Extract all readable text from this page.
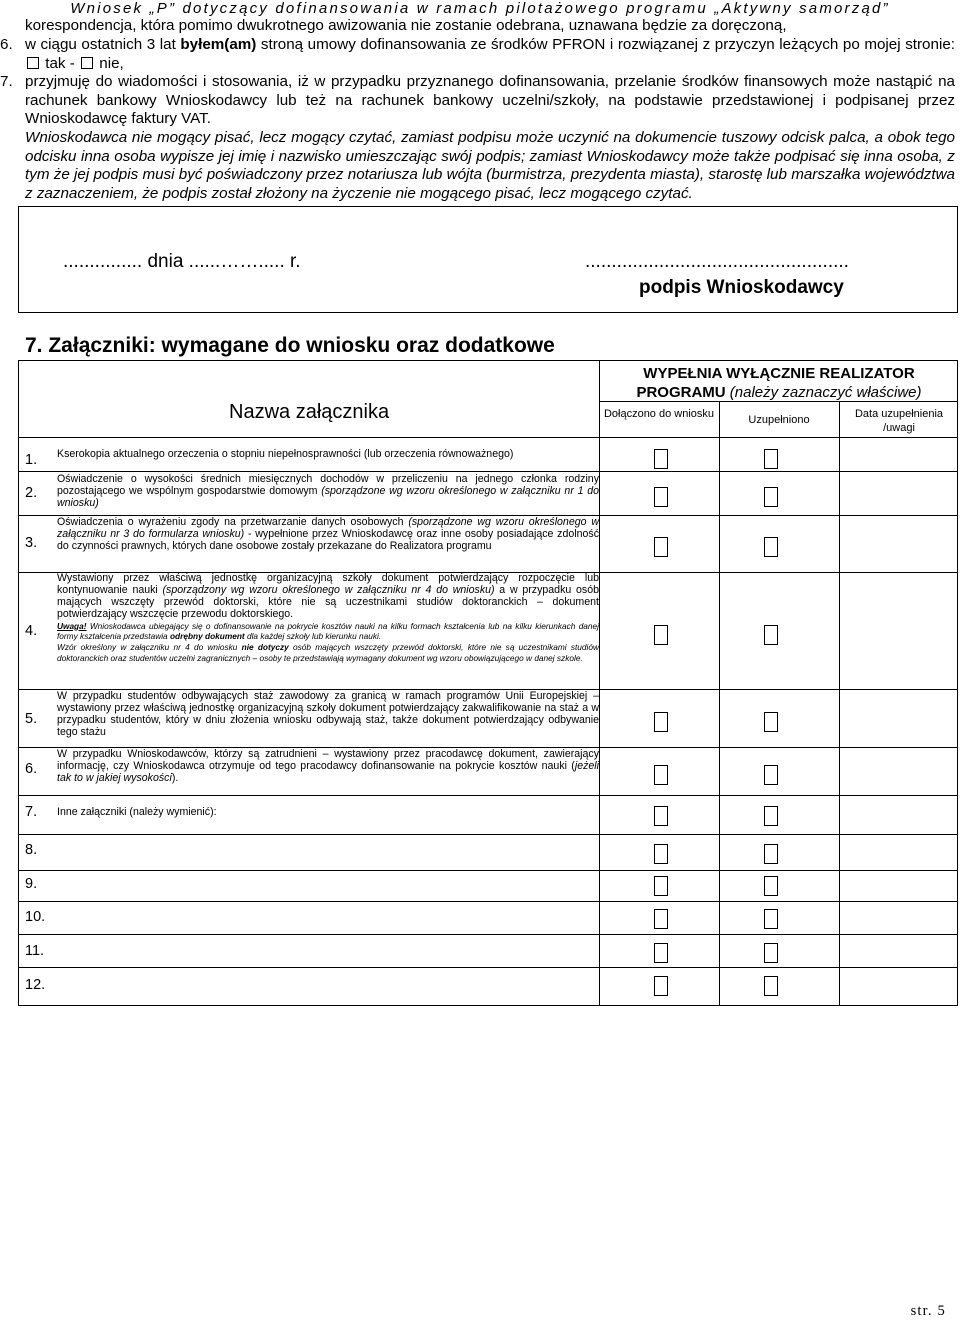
Wniosek „P” dotyczący dofinansowania w ramach pilotażowego programu „Aktywny samorząd”
korespondencja, która pomimo dwukrotnego awizowania nie zostanie odebrana, uznawana będzie za doręczoną,
6. w ciągu ostatnich 3 lat byłem(am) stroną umowy dofinansowania ze środków PFRON i rozwiązanej z przyczyn leżących po mojej stronie:  tak - nie,
7. przyjmuję do wiadomości i stosowania, iż w przypadku przyznanego dofinansowania, przelanie środków finansowych może nastąpić na rachunek bankowy Wnioskodawcy lub też na rachunek bankowy uczelni/szkoły, na podstawie przedstawionej i podpisanej przez Wnioskodawcę faktury VAT.
Wnioskodawca nie mogący pisać, lecz mogący czytać, zamiast podpisu może uczynić na dokumencie tuszowy odcisk palca, a obok tego odcisku inna osoba wypisze jej imię i nazwisko umieszczając swój podpis; zamiast Wnioskodawcy może także podpisać się inna osoba, z tym że jej podpis musi być poświadczony przez notariusza lub wójta (burmistrza, prezydenta miasta), starostę lub marszałka województwa z zaznaczeniem, że podpis został złożony na życzenie nie mogącego pisać, lecz mogącego czytać.
............... dnia ......……..... r.	..................................................
podpis Wnioskodawcy
7. Załączniki: wymagane do wniosku oraz dodatkowe
Nazwa załącznika
WYPEŁNIA WYŁĄCZNIE REALIZATOR PROGRAMU (należy zaznaczyć właściwe)
Dołączono do wniosku	Uzupełniono	Data uzupełnienia /uwagi
1. Kserokopia aktualnego orzeczenia o stopniu niepełnosprawności (lub orzeczenia równoważnego)
2.
Oświadczenie o wysokości średnich miesięcznych dochodów w przeliczeniu na jednego członka rodziny pozostającego we wspólnym gospodarstwie domowym (sporządzone wg wzoru określonego w załączniku nr 1 do wniosku)
3.
Oświadczenia o wyrażeniu zgody na przetwarzanie danych osobowych (sporządzone wg wzoru określonego w załączniku nr 3 do formularza wniosku) - wypełnione przez Wnioskodawcę oraz inne osoby posiadające zdolność do czynności prawnych, których dane osobowe zostały przekazane do Realizatora programu
4.
Wystawiony przez właściwą jednostkę organizacyjną szkoły dokument potwierdzający rozpoczęcie lub kontynuowanie nauki (sporządzony wg wzoru określonego w załączniku nr 4 do wniosku) a w przypadku osób mających wszczęty przewód doktorski, które nie są uczestnikami studiów doktoranckich – dokument potwierdzający wszczęcie przewodu doktorskiego.
Uwaga! Wnioskodawca ubiegający się o dofinansowanie na pokrycie kosztów nauki na kilku formach kształcenia lub na kilku kierunkach danej formy kształcenia przedstawia odrębny dokument dla każdej szkoły lub kierunku nauki.
Wzór określony w załączniku nr 4 do wniosku nie dotyczy osób mających wszczęty przewód doktorski, które nie są uczestnikami studiów doktoranckich oraz studentów uczelni zagranicznych – osoby te przedstawiają wymagany dokument wg wzoru obowiązującego w danej szkole.
5.
W przypadku studentów odbywających staż zawodowy za granicą w ramach programów Unii Europejskiej – wystawiony przez właściwą jednostkę organizacyjną szkoły dokument potwierdzający zakwalifikowanie na staż a w przypadku studentów, który w dniu złożenia wniosku odbywają staż, także dokument potwierdzający odbywanie tego stażu
6.
W przypadku Wnioskodawców, którzy są zatrudnieni – wystawiony przez pracodawcę dokument, zawierający informację, czy Wnioskodawca otrzymuje od tego pracodawcy dofinansowanie na pokrycie kosztów nauki (jeżeli tak to w jakiej wysokości).
7. Inne załączniki (należy wymienić):
8.
9.
10.
11.
12.
str. 5
